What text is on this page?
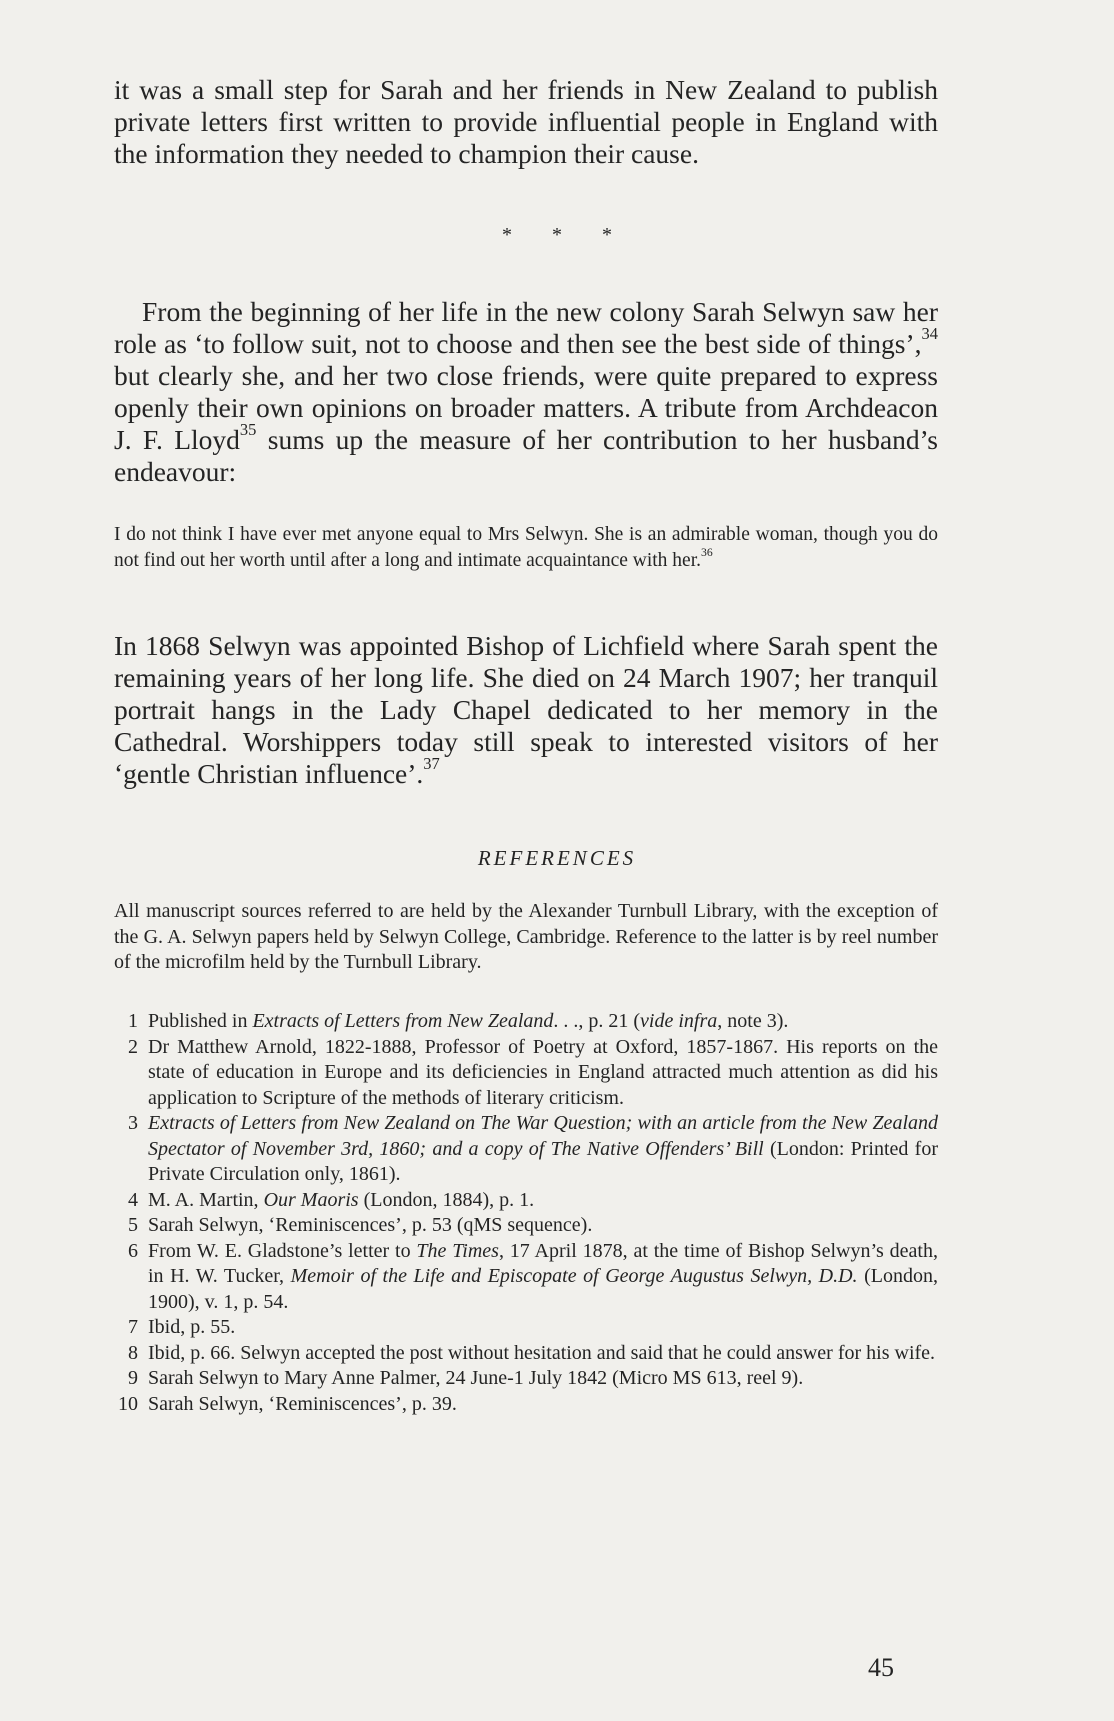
it was a small step for Sarah and her friends in New Zealand to publish private letters first written to provide influential people in England with the information they needed to champion their cause.

* * *

From the beginning of her life in the new colony Sarah Selwyn saw her role as ‘to follow suit, not to choose and then see the best side of things’,$^{34}$ but clearly she, and her two close friends, were quite prepared to express openly their own opinions on broader matters. A tribute from Archdeacon J. F. Lloyd$^{35}$ sums up the measure of her contribution to her husband’s endeavour:

I do not think I have ever met anyone equal to Mrs Selwyn. She is an admirable woman, though you do not find out her worth until after a long and intimate acquaintance with her.$^{36}$

In 1868 Selwyn was appointed Bishop of Lichfield where Sarah spent the remaining years of her long life. She died on 24 March 1907; her tranquil portrait hangs in the Lady Chapel dedicated to her memory in the Cathedral. Worshippers today still speak to interested visitors of her ‘gentle Christian influence’.$^{37}$

REFERENCES

All manuscript sources referred to are held by the Alexander Turnbull Library, with the exception of the G. A. Selwyn papers held by Selwyn College, Cambridge. Reference to the latter is by reel number of the microfilm held by the Turnbull Library.

1 Published in Extracts of Letters from New Zealand. . ., p. 21 (vide infra, note 3).
2 Dr Matthew Arnold, 1822-1888, Professor of Poetry at Oxford, 1857-1867. His reports on the state of education in Europe and its deficiencies in England attracted much attention as did his application to Scripture of the methods of literary criticism.
3 Extracts of Letters from New Zealand on The War Question; with an article from the New Zealand Spectator of November 3rd, 1860; and a copy of The Native Offenders’ Bill (London: Printed for Private Circulation only, 1861).
4 M. A. Martin, Our Maoris (London, 1884), p. 1.
5 Sarah Selwyn, ‘Reminiscences’, p. 53 (qMS sequence).
6 From W. E. Gladstone’s letter to The Times, 17 April 1878, at the time of Bishop Selwyn’s death, in H. W. Tucker, Memoir of the Life and Episcopate of George Augustus Selwyn, D.D. (London, 1900), v. 1, p. 54.
7 Ibid, p. 55.
8 Ibid, p. 66. Selwyn accepted the post without hesitation and said that he could answer for his wife.
9 Sarah Selwyn to Mary Anne Palmer, 24 June-1 July 1842 (Micro MS 613, reel 9).
10 Sarah Selwyn, ‘Reminiscences’, p. 39.
45
